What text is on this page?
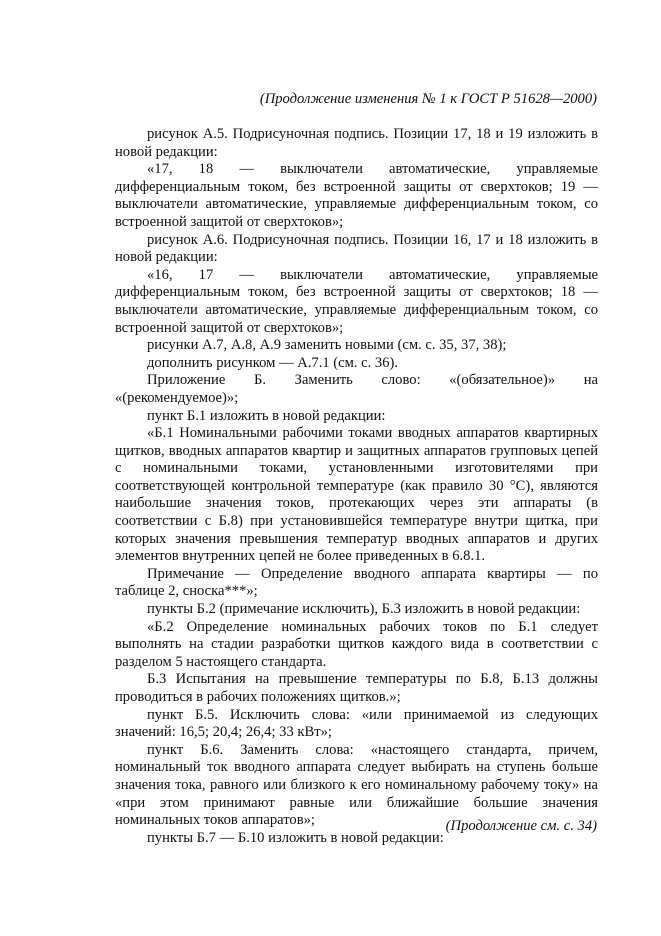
(Продолжение изменения № 1 к ГОСТ Р 51628—2000)

рисунок А.5. Подрисуночная подпись. Позиции 17, 18 и 19 изложить в новой редакции:

«17, 18 — выключатели автоматические, управляемые дифференциальным током, без встроенной защиты от сверхтоков; 19 — выключатели автоматические, управляемые дифференциальным током, со встроенной защитой от сверхтоков»;

рисунок А.6. Подрисуночная подпись. Позиции 16, 17 и 18 изложить в новой редакции:

«16, 17 — выключатели автоматические, управляемые дифференциальным током, без встроенной защиты от сверхтоков; 18 — выключатели автоматические, управляемые дифференциальным током, со встроенной защитой от сверхтоков»;

рисунки А.7, А.8, А.9 заменить новыми (см. с. 35, 37, 38);

дополнить рисунком — А.7.1 (см. с. 36).

Приложение Б. Заменить слово: «(обязательное)» на «(рекомендуемое)»;

пункт Б.1 изложить в новой редакции:

«Б.1 Номинальными рабочими токами вводных аппаратов квартирных щитков, вводных аппаратов квартир и защитных аппаратов групповых цепей с номинальными токами, установленными изготовителями при соответствующей контрольной температуре (как правило 30 °С), являются наибольшие значения токов, протекающих через эти аппараты (в соответствии с Б.8) при установившейся температуре внутри щитка, при которых значения превышения температур вводных аппаратов и других элементов внутренних цепей не более приведенных в 6.8.1.

Примечание — Определение вводного аппарата квартиры — по таблице 2, сноска***»;

пункты Б.2 (примечание исключить), Б.3 изложить в новой редакции:

«Б.2 Определение номинальных рабочих токов по Б.1 следует выполнять на стадии разработки щитков каждого вида в соответствии с разделом 5 настоящего стандарта.

Б.3 Испытания на превышение температуры по Б.8, Б.13 должны проводиться в рабочих положениях щитков.»;

пункт Б.5. Исключить слова: «или принимаемой из следующих значений: 16,5; 20,4; 26,4; 33 кВт»;

пункт Б.6. Заменить слова: «настоящего стандарта, причем, номинальный ток вводного аппарата следует выбирать на ступень больше значения тока, равного или близкого к его номинальному рабочему току» на «при этом принимают равные или ближайшие большие значения номинальных токов аппаратов»;

пункты Б.7 — Б.10 изложить в новой редакции:

(Продолжение см. с. 34)
